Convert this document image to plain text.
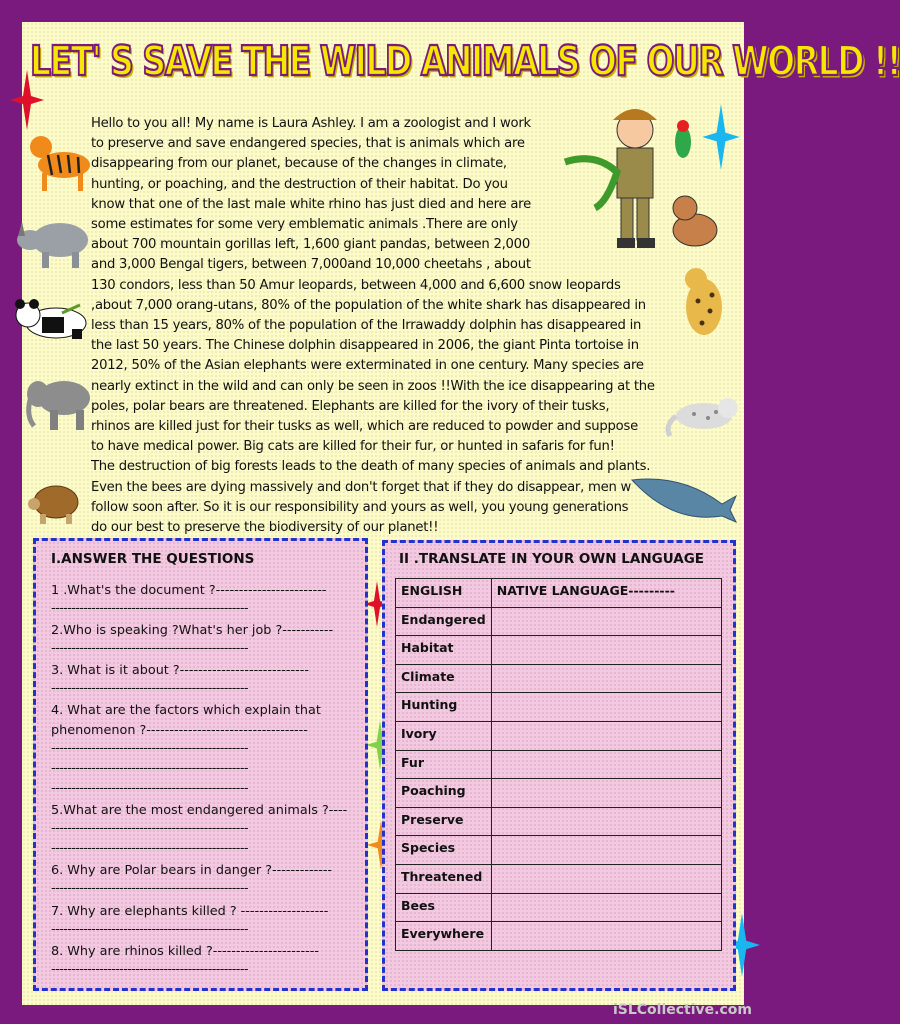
LET' S SAVE THE WILD ANIMALS OF OUR WORLD !!
Hello to you all! My name is Laura Ashley. I am a zoologist and I work
to preserve and save endangered species, that is animals which are
disappearing from our planet, because of the changes in climate,
hunting, or poaching, and the destruction of their habitat. Do you
know that one of the last male white rhino has just died and here are
some estimates for some very emblematic animals .There are only
about 700 mountain gorillas left, 1,600 giant pandas, between 2,000
and 3,000 Bengal tigers, between 7,000and 10,000 cheetahs , about
130 condors, less than 50 Amur leopards, between 4,000 and 6,600 snow leopards
,about 7,000 orang-utans, 80% of the population of the white shark has disappeared in
less than 15 years, 80% of the population of the Irrawaddy dolphin has disappeared in
the last 50 years. The Chinese dolphin disappeared in 2006, the giant Pinta tortoise in
2012, 50% of the Asian elephants were exterminated in one century. Many species are
nearly extinct in the wild and can only be seen in zoos !!With the ice disappearing at the
poles, polar bears are threatened. Elephants are killed for the ivory of their tusks,
rhinos are killed just for their tusks as well, which are reduced to powder and suppose
to have medical power. Big cats are killed for their fur, or hunted in safaris for fun!
The destruction of big forests leads to the death of many species of animals and plants.
Even the bees are dying massively and don't forget that if they do disappear, men w
follow soon after. So it is our responsibility and yours as well, you young generations
do our best to preserve the biodiversity of our planet!!
I.ANSWER THE QUESTIONS
1 .What's the document ?------------------------
-------------------------------------------------
2.Who is speaking ?What's her job ?-----------
-------------------------------------------------
3. What is it about ?----------------------------
-------------------------------------------------
4. What are the factors which explain that
phenomenon ?-----------------------------------
-------------------------------------------------
-------------------------------------------------
-------------------------------------------------
5.What are the most endangered animals ?----
-------------------------------------------------
-------------------------------------------------
6. Why are Polar bears in danger ?-------------
-------------------------------------------------
7. Why are elephants killed ? -------------------
-------------------------------------------------
8. Why are rhinos killed ?-----------------------
-------------------------------------------------
II .TRANSLATE IN YOUR OWN LANGUAGE
ENGLISH	NATIVE LANGUAGE---------
Endangered	
Habitat	
Climate	
Hunting	
Ivory	
Fur	
Poaching	
Preserve	
Species	
Threatened	
Bees	
Everywhere	
iSLCollective.com
